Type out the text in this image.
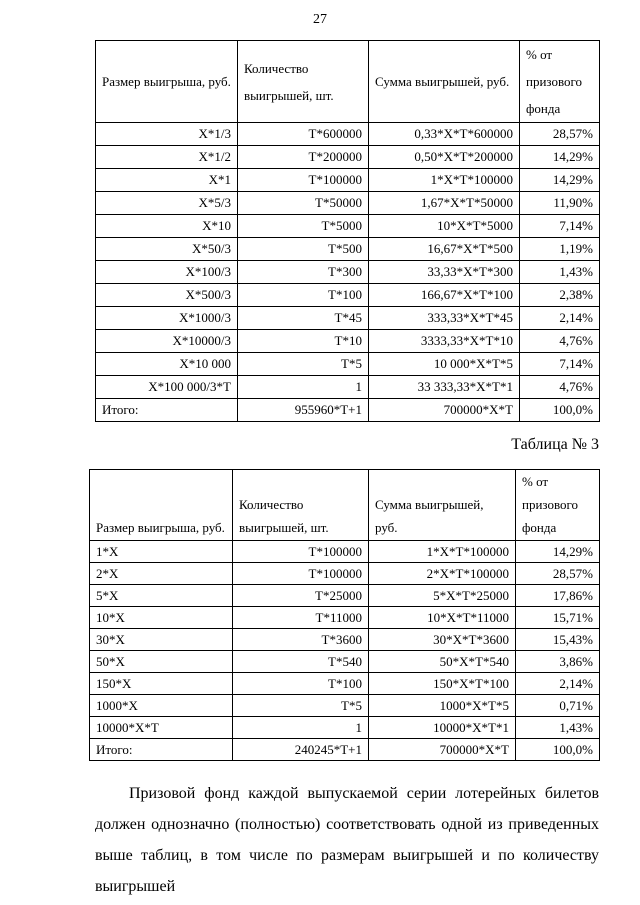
27
Размер выигрыша, руб.	Количество выигрышей, шт.	Сумма выигрышей, руб.	% от призового фонда
Х*1/3	Т*600000	0,33*Х*Т*600000	28,57%
Х*1/2	Т*200000	0,50*Х*Т*200000	14,29%
Х*1	Т*100000	1*Х*Т*100000	14,29%
Х*5/3	Т*50000	1,67*Х*Т*50000	11,90%
Х*10	Т*5000	10*Х*Т*5000	7,14%
Х*50/3	Т*500	16,67*Х*Т*500	1,19%
Х*100/3	Т*300	33,33*Х*Т*300	1,43%
Х*500/3	Т*100	166,67*Х*Т*100	2,38%
Х*1000/3	Т*45	333,33*Х*Т*45	2,14%
Х*10000/3	Т*10	3333,33*Х*Т*10	4,76%
Х*10 000	Т*5	10 000*Х*Т*5	7,14%
Х*100 000/3*Т	1	33 333,33*Х*Т*1	4,76%
Итого:	955960*Т+1	700000*Х*Т	100,0%
Таблица № 3
Размер выигрыша, руб.	Количество выигрышей, шт.	Сумма выигрышей, руб.	% от призового фонда
1*Х	Т*100000	1*Х*Т*100000	14,29%
2*Х	Т*100000	2*Х*Т*100000	28,57%
5*Х	Т*25000	5*Х*Т*25000	17,86%
10*Х	Т*11000	10*Х*Т*11000	15,71%
30*Х	Т*3600	30*Х*Т*3600	15,43%
50*Х	Т*540	50*Х*Т*540	3,86%
150*Х	Т*100	150*Х*Т*100	2,14%
1000*Х	Т*5	1000*Х*Т*5	0,71%
10000*Х*Т	1	10000*Х*Т*1	1,43%
Итого:	240245*Т+1	700000*Х*Т	100,0%

Призовой фонд каждой выпускаемой серии лотерейных билетов должен однозначно (полностью) соответствовать одной из приведенных выше таблиц, в том числе по размерам выигрышей и по количеству выигрышей
